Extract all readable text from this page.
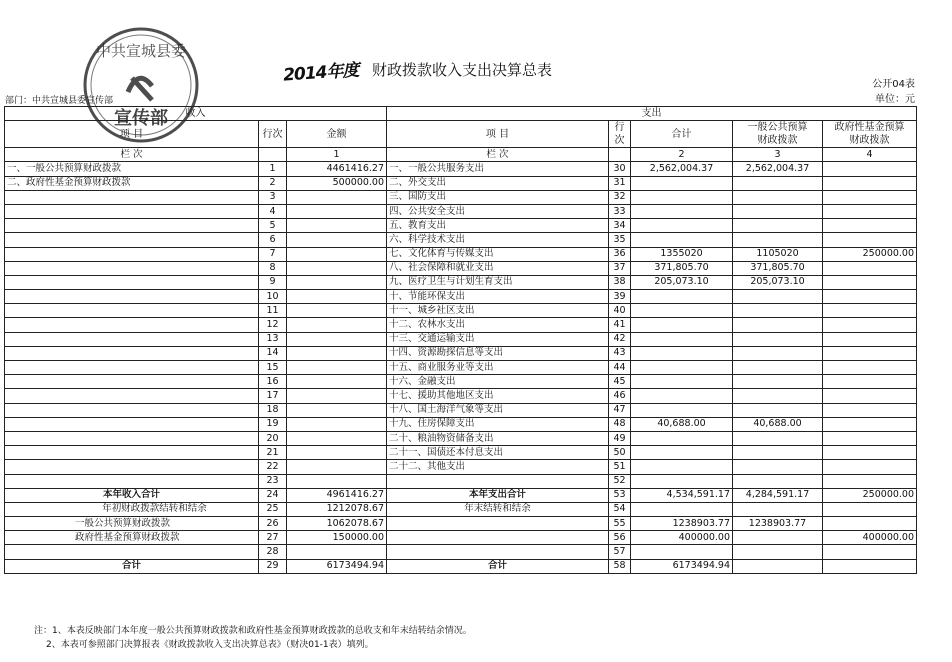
2014年度 财政拨款收入支出决算总表
公开04表
单位：元
部门：中共宣城县委宣传部
收入			支出				
项 目	行次	金额	项 目	行次	合计	一般公共预算
财政拨款	政府性基金预算
财政拨款
栏 次		1	栏 次		2	3	4
一、一般公共预算财政拨款	1	4461416.27	一、一般公共服务支出	30	2,562,004.37	2,562,004.37	
二、政府性基金预算财政拨款	2	500000.00	二、外交支出	31			
	3		三、国防支出	32			
	4		四、公共安全支出	33			
	5		五、教育支出	34			
	6		六、科学技术支出	35			
	7		七、文化体育与传媒支出	36	1355020	1105020	250000.00
	8		八、社会保障和就业支出	37	371,805.70	371,805.70	
	9		九、医疗卫生与计划生育支出	38	205,073.10	205,073.10	
	10		十、节能环保支出	39			
	11		十一、城乡社区支出	40			
	12		十二、农林水支出	41			
	13		十三、交通运输支出	42			
	14		十四、资源勘探信息等支出	43			
	15		十五、商业服务业等支出	44			
	16		十六、金融支出	45			
	17		十七、援助其他地区支出	46			
	18		十八、国土海洋气象等支出	47			
	19		十九、住房保障支出	48	40,688.00	40,688.00	
	20		二十、粮油物资储备支出	49			
	21		二十一、国债还本付息支出	50			
	22		二十二、其他支出	51			
	23			52			
本年收入合计	24	4961416.27	本年支出合计	53	4,534,591.17	4,284,591.17	250000.00
年初财政拨款结转和结余	25	1212078.67	年末结转和结余	54			
一般公共预算财政拨款	26	1062078.67		55	1238903.77	1238903.77	
政府性基金预算财政拨款	27	150000.00		56	400000.00		400000.00
	28			57			
合计	29	6173494.94	合计	58	6173494.94		
中共宣城县委
宣传部
注：1、本表反映部门本年度一般公共预算财政拨款和政府性基金预算财政拨款的总收支和年末结转结余情况。
2、本表可参照部门决算报表《财政拨款收入支出决算总表》（财决01-1表）填列。
